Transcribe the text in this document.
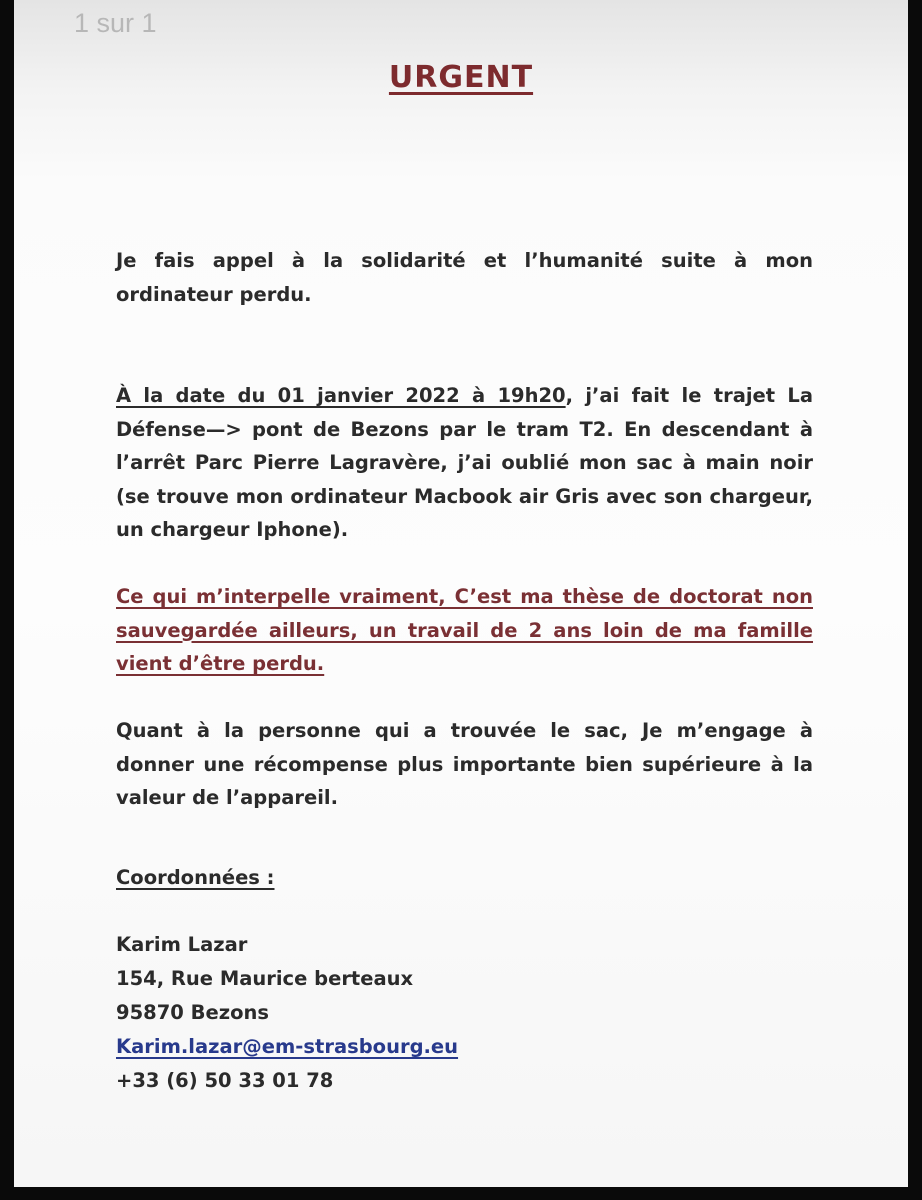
1 sur 1
URGENT

Je fais appel à la solidarité et l’humanité suite à mon ordinateur perdu.

À la date du 01 janvier 2022 à 19h20, j’ai fait le trajet La Défense—> pont de Bezons par le tram T2. En descendant à l’arrêt Parc Pierre Lagravère, j’ai oublié mon sac à main noir (se trouve mon ordinateur Macbook air Gris avec son chargeur, un chargeur Iphone).

Ce qui m’interpelle vraiment, C’est ma thèse de doctorat non sauvegardée ailleurs, un travail de 2 ans loin de ma famille vient d’être perdu.

Quant à la personne qui a trouvée le sac, Je m’engage à donner une récompense plus importante bien supérieure à la valeur de l’appareil.

Coordonnées :
Karim Lazar
154, Rue Maurice berteaux
95870 Bezons
Karim.lazar@em-strasbourg.eu
+33 (6) 50 33 01 78
